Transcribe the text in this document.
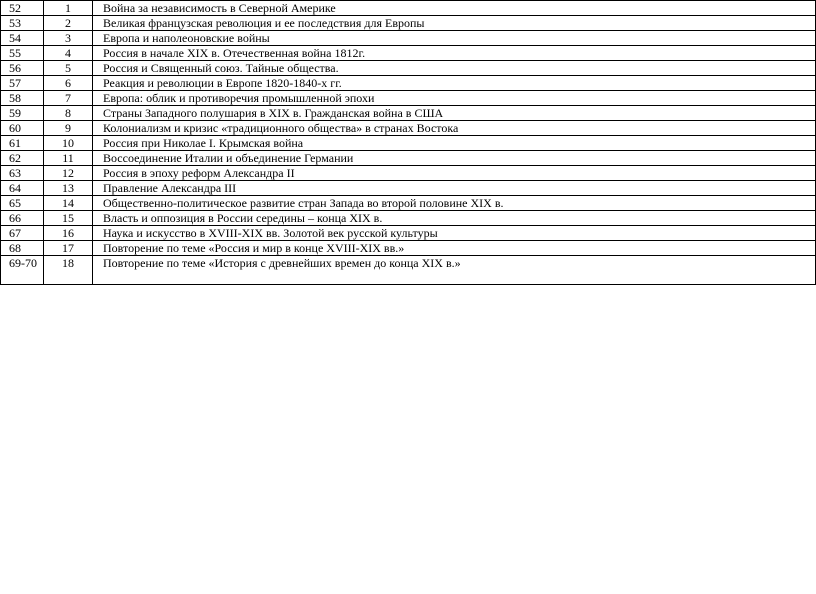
52	1	Война за независимость в Северной Америке
53	2	Великая французская революция и ее последствия для Европы
54	3	Европа и наполеоновские войны
55	4	Россия в начале XIX в. Отечественная война 1812г.
56	5	Россия и Священный союз. Тайные общества.
57	6	Реакция и революции в Европе 1820-1840-х гг.
58	7	Европа: облик и противоречия промышленной эпохи
59	8	Страны Западного полушария в XIX в. Гражданская война в США
60	9	Колониализм и кризис «традиционного общества» в странах Востока
61	10	Россия при Николае I. Крымская война
62	11	Воссоединение Италии и объединение Германии
63	12	Россия в эпоху реформ Александра II
64	13	Правление Александра III
65	14	Общественно-политическое развитие стран Запада во второй половине XIX в.
66	15	Власть и оппозиция в России середины – конца XIX в.
67	16	Наука и искусство в XVIII-XIX вв. Золотой век русской культуры
68	17	Повторение по теме «Россия и мир в конце XVIII-XIX вв.»
69-70	18	Повторение по теме «История с древнейших времен до конца XIX в.»
